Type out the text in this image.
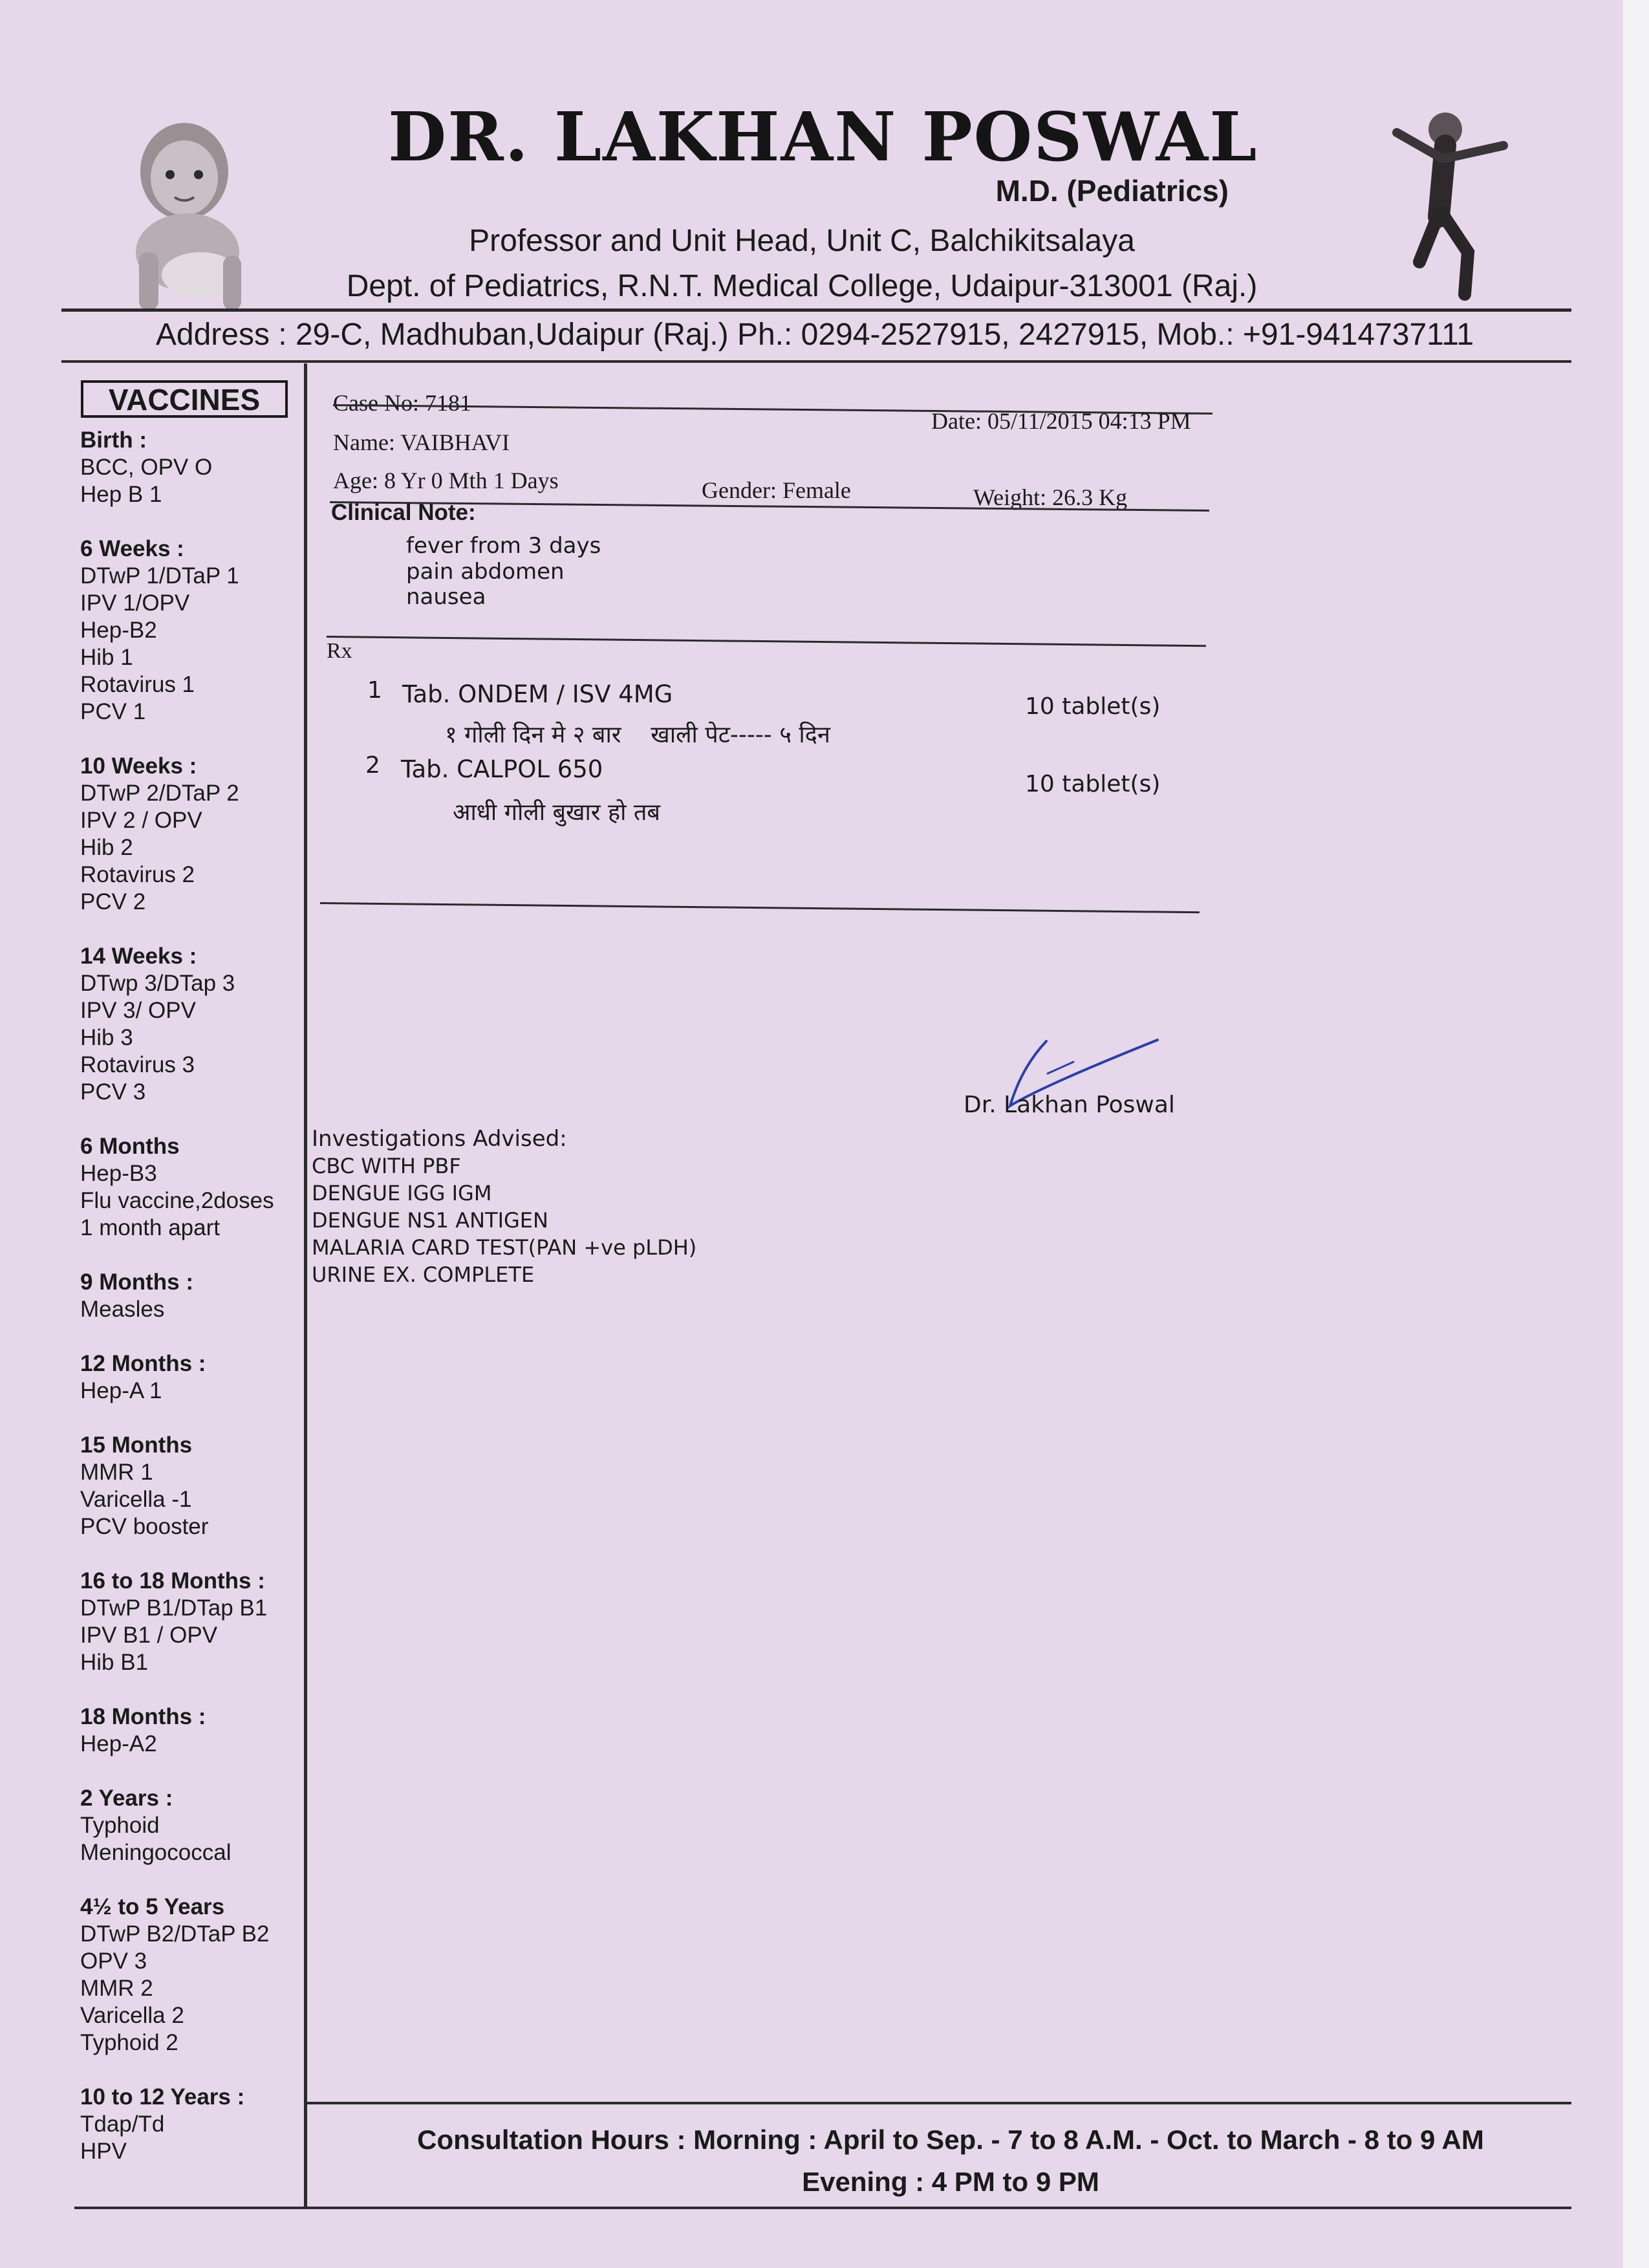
DR. LAKHAN POSWAL
M.D. (Pediatrics)
Professor and Unit Head, Unit C, Balchikitsalaya
Dept. of Pediatrics, R.N.T. Medical College, Udaipur-313001 (Raj.)
Address : 29-C, Madhuban,Udaipur (Raj.) Ph.: 0294-2527915, 2427915, Mob.: +91-9414737111
VACCINES
Birth :
BCC, OPV O
Hep B 1
6 Weeks :
DTwP 1/DTaP 1
IPV 1/OPV
Hep-B2
Hib 1
Rotavirus 1
PCV 1
10 Weeks :
DTwP 2/DTaP 2
IPV 2 / OPV
Hib 2
Rotavirus 2
PCV 2
14 Weeks :
DTwp 3/DTap 3
IPV 3/ OPV
Hib 3
Rotavirus 3
PCV 3
6 Months
Hep-B3
Flu vaccine,2doses
1 month apart
9 Months :
Measles
12 Months :
Hep-A 1
15 Months
MMR 1
Varicella -1
PCV booster
16 to 18 Months :
DTwP B1/DTap B1
IPV B1 / OPV
Hib B1
18 Months :
Hep-A2
2 Years :
Typhoid
Meningococcal
4½ to 5 Years
DTwP B2/DTaP B2
OPV 3
MMR 2
Varicella 2
Typhoid 2
10 to 12 Years :
Tdap/Td
HPV
Case No: 7181
Date: 05/11/2015 04:13 PM
Name: VAIBHAVI
Age: 8 Yr 0 Mth 1 Days	Gender: Female	Weight: 26.3 Kg
Clinical Note:
fever from 3 days
pain abdomen
nausea
Rx
1 Tab. ONDEM / ISV 4MG	10 tablet(s)
१ गोली दिन मे २ बार    खाली पेट----- ५ दिन
2 Tab. CALPOL 650
10 tablet(s)
आधी गोली बुखार हो तब
Dr. Lakhan Poswal
Investigations Advised:
CBC WITH PBF
DENGUE IGG IGM
DENGUE NS1 ANTIGEN
MALARIA CARD TEST(PAN +ve pLDH)
URINE EX. COMPLETE
Consultation Hours : Morning : April to Sep. - 7 to 8 A.M. - Oct. to March - 8 to 9 AM
Evening : 4 PM to 9 PM
